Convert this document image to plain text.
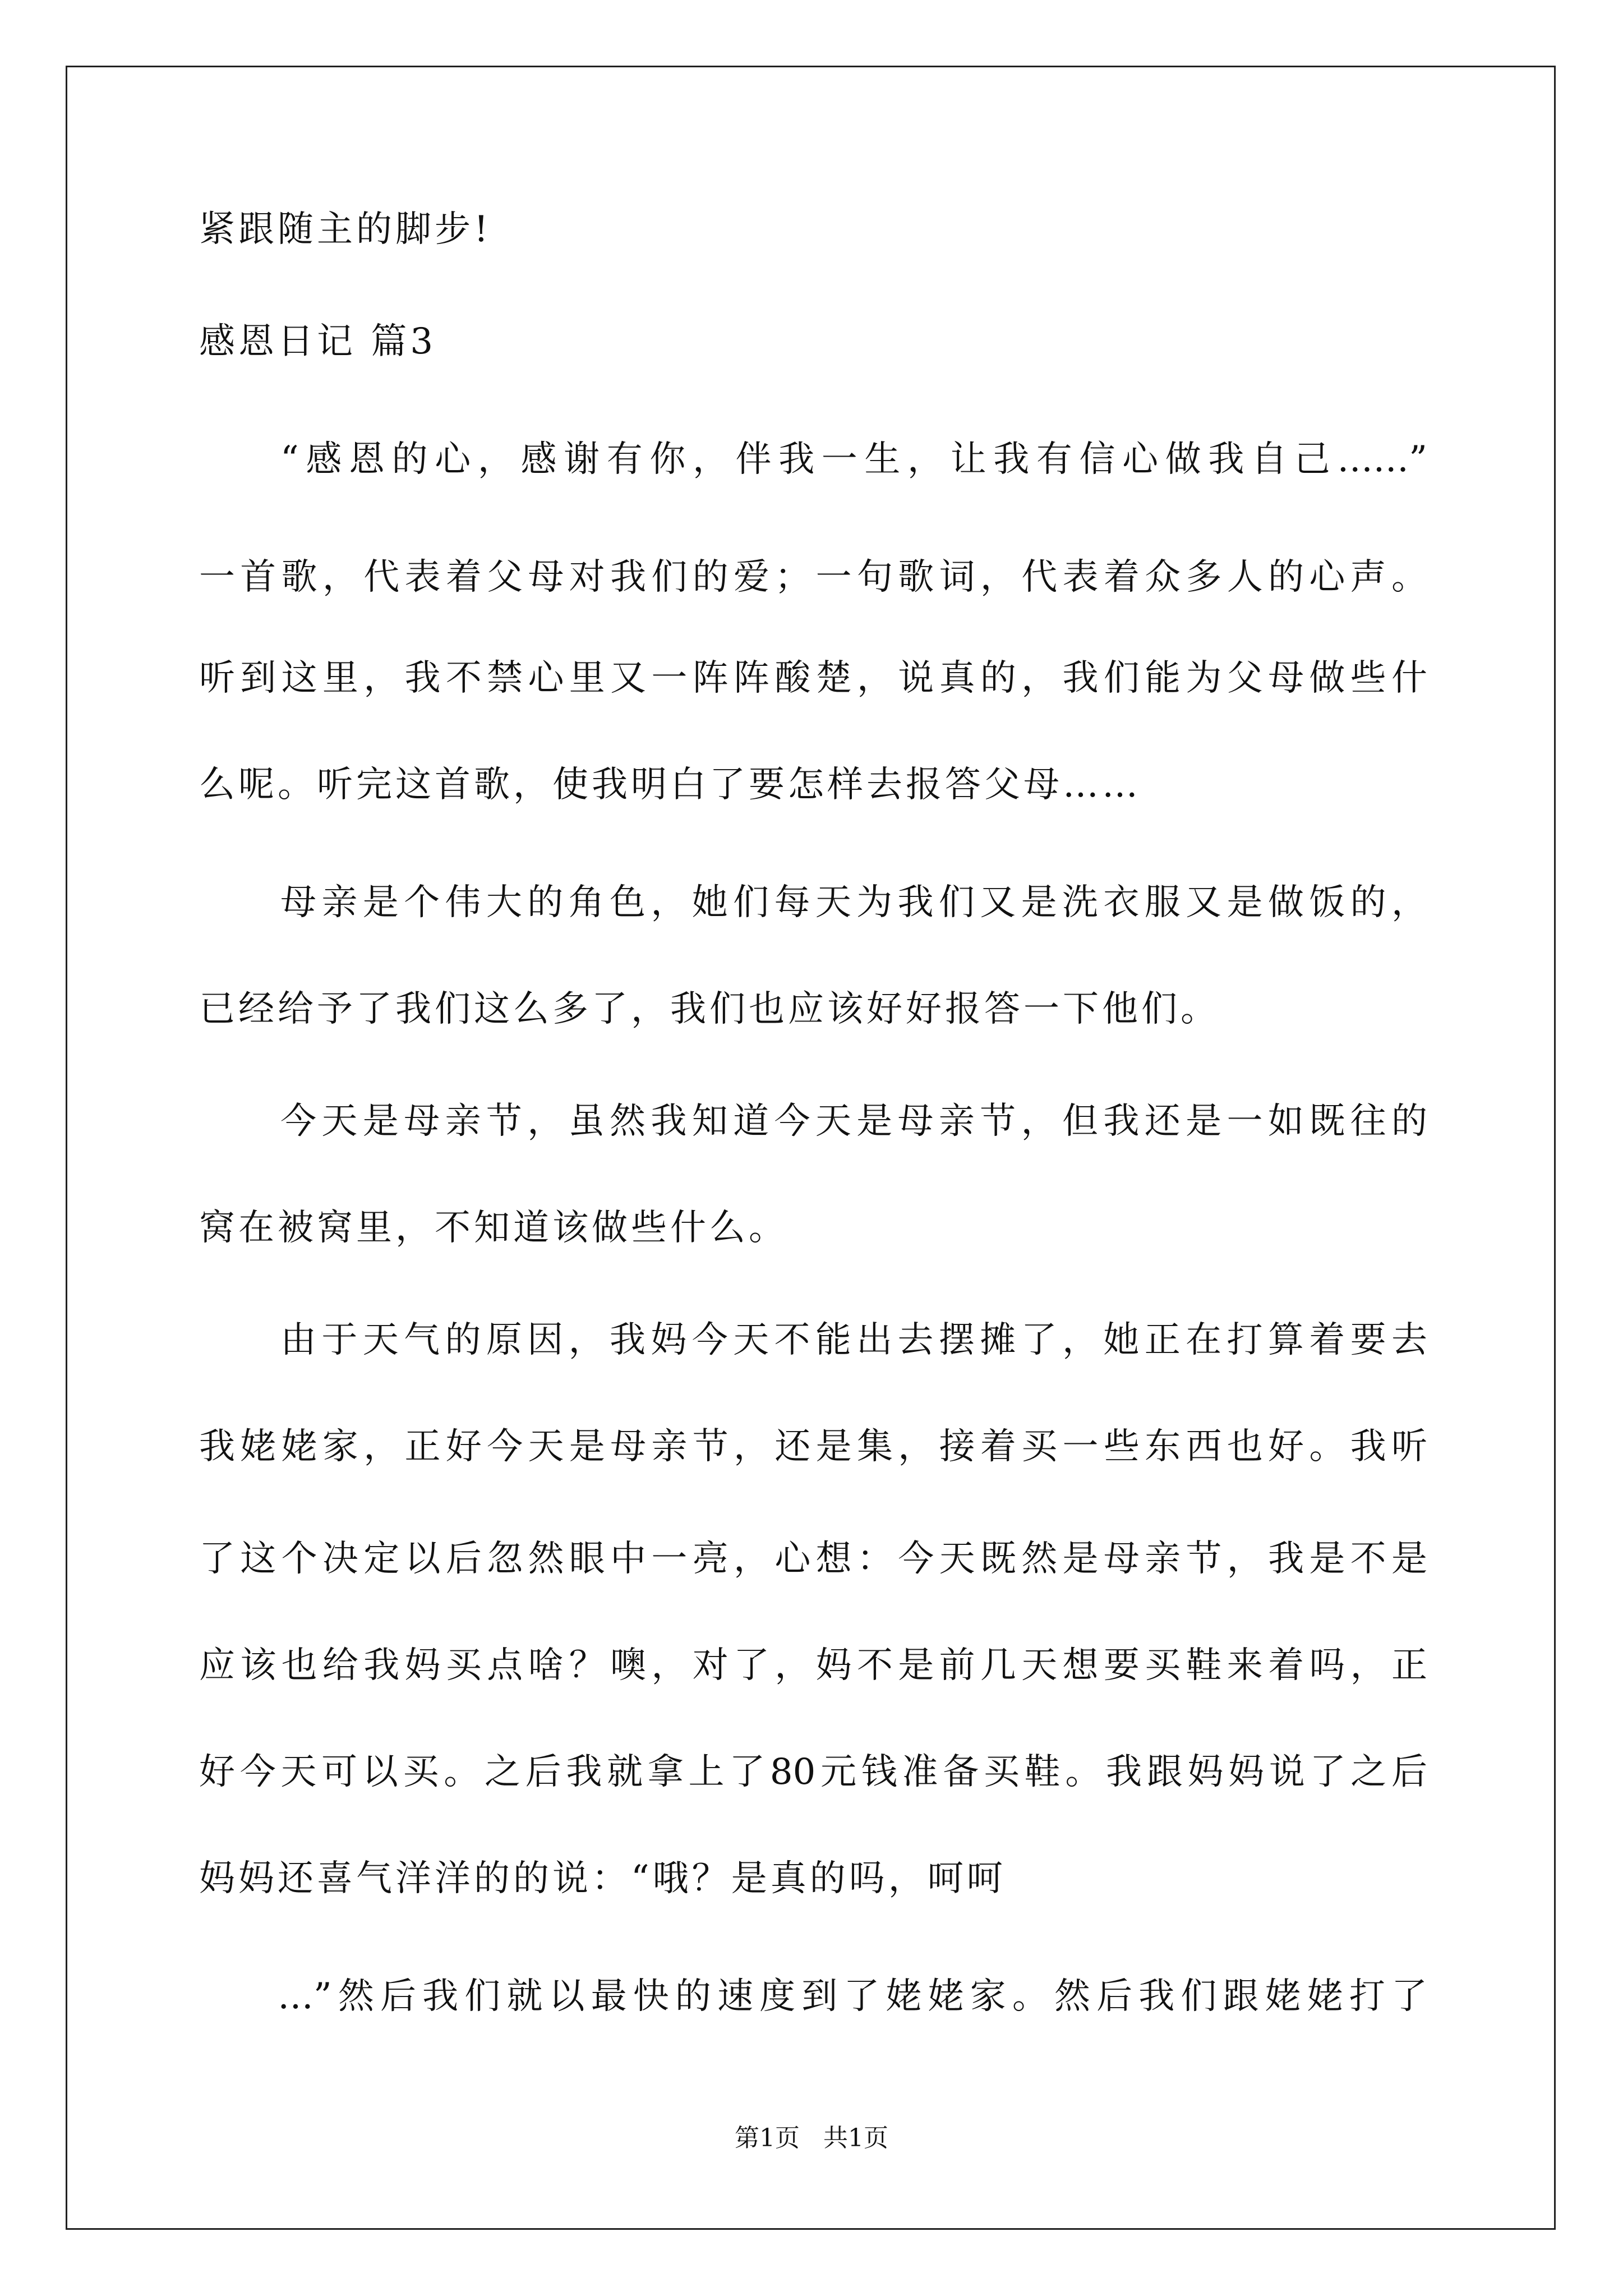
紧跟随主的脚步!

感恩日记 篇3

“感恩的心，感谢有你，伴我一生，让我有信心做我自己……”

一首歌，代表着父母对我们的爱；一句歌词，代表着众多人的心声。

听到这里，我不禁心里又一阵阵酸楚，说真的，我们能为父母做些什

么呢。听完这首歌，使我明白了要怎样去报答父母……

母亲是个伟大的角色，她们每天为我们又是洗衣服又是做饭的，

已经给予了我们这么多了，我们也应该好好报答一下他们。

今天是母亲节，虽然我知道今天是母亲节，但我还是一如既往的

窝在被窝里，不知道该做些什么。

由于天气的原因，我妈今天不能出去摆摊了，她正在打算着要去

我姥姥家，正好今天是母亲节，还是集，接着买一些东西也好。我听

了这个决定以后忽然眼中一亮，心想：今天既然是母亲节，我是不是

应该也给我妈买点啥？噢，对了，妈不是前几天想要买鞋来着吗，正

好今天可以买。之后我就拿上了80元钱准备买鞋。我跟妈妈说了之后

妈妈还喜气洋洋的的说：“哦？是真的吗，呵呵

…”然后我们就以最快的速度到了姥姥家。然后我们跟姥姥打了

第1页   共1页
